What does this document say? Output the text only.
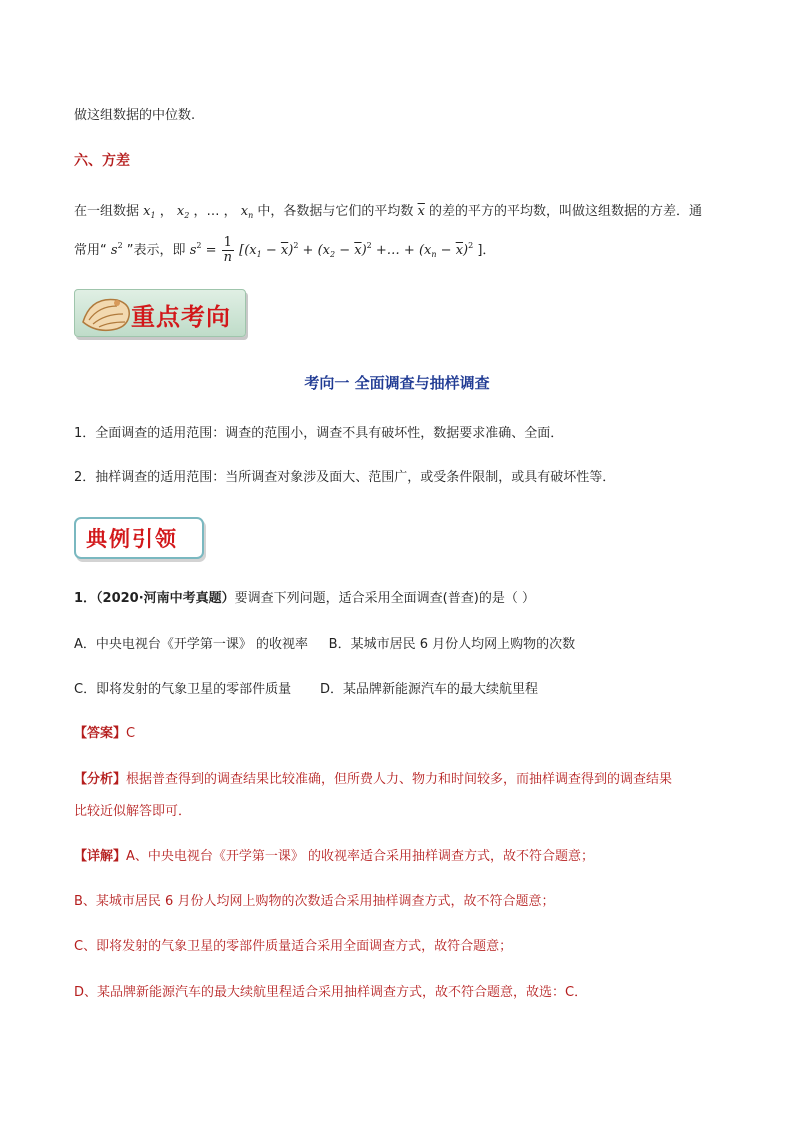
做这组数据的中位数.
六、方差
在一组数据 $x_1$ ， $x_2$ ，… ， $x_n$ 中，各数据与它们的平均数 $\overline{x}$ 的差的平方的平均数，叫做这组数据的方差．通
常用“ $s^2$ ”表示，即 $s^2 = \frac{1}{n} [(x_1 - \overline{x})^2 + (x_2 - \overline{x})^2$ +… + $(x_n - \overline{x})^2$ ]．
重点考向
考向一 全面调查与抽样调查
1．全面调查的适用范围：调查的范围小，调查不具有破坏性，数据要求准确、全面．
2．抽样调查的适用范围：当所调查对象涉及面大、范围广，或受条件限制，或具有破坏性等．
典例引领
1．（2020·河南中考真题）要调查下列问题，适合采用全面调查(普查)的是（ ）
A．中央电视台《开学第一课》 的收视率     B．某城市居民 6 月份人均网上购物的次数
C．即将发射的气象卫星的零部件质量       D．某品牌新能源汽车的最大续航里程
【答案】C
【分析】根据普查得到的调查结果比较准确，但所费人力、物力和时间较多，而抽样调查得到的调查结果
比较近似解答即可．
【详解】A、中央电视台《开学第一课》 的收视率适合采用抽样调查方式，故不符合题意；
B、某城市居民 6 月份人均网上购物的次数适合采用抽样调查方式，故不符合题意；
C、即将发射的气象卫星的零部件质量适合采用全面调查方式，故符合题意；
D、某品牌新能源汽车的最大续航里程适合采用抽样调查方式，故不符合题意，故选：C．
